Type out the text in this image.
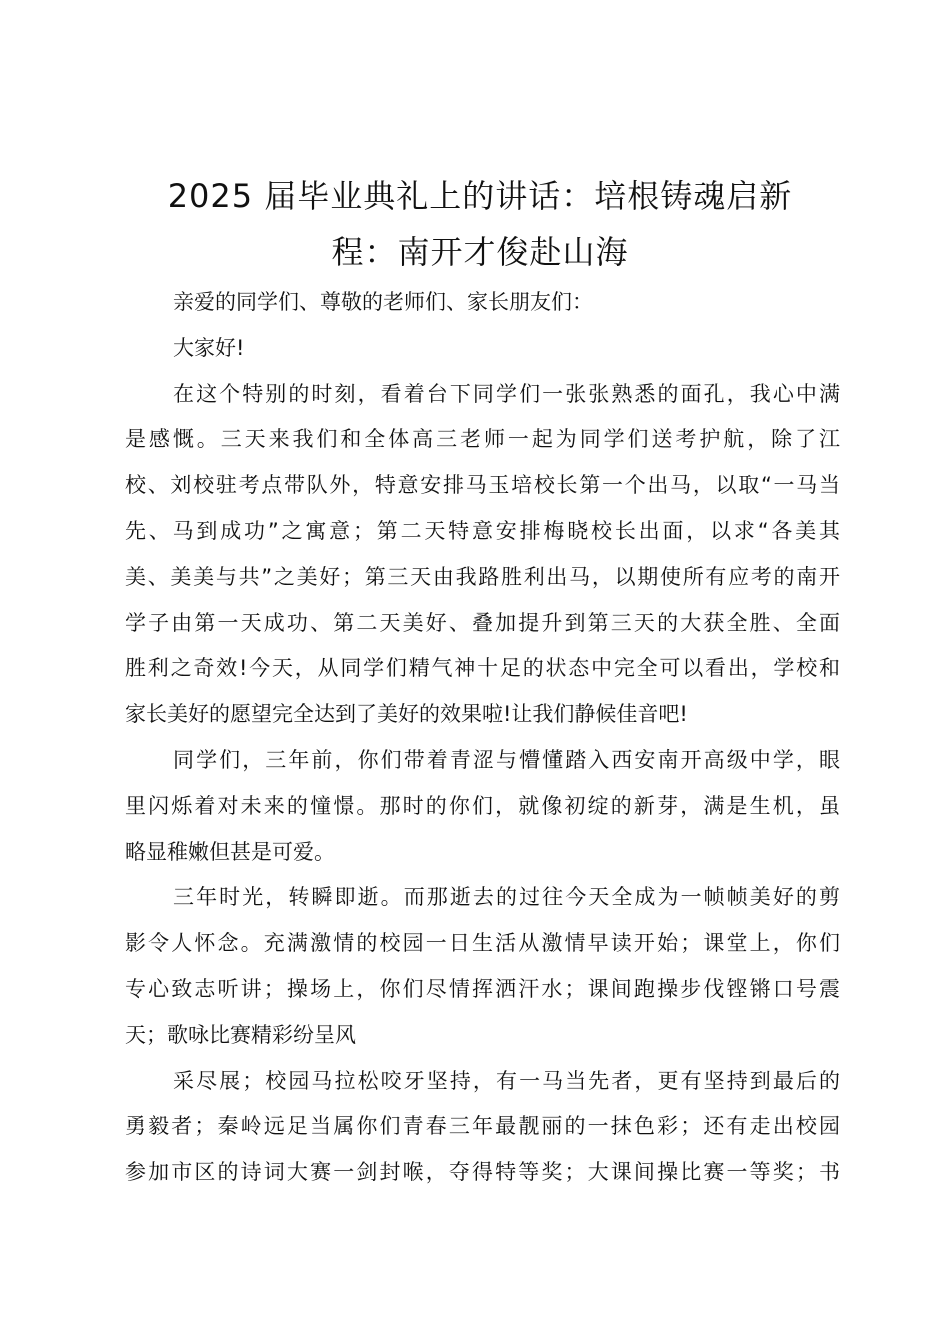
2025 届毕业典礼上的讲话：培根铸魂启新
程：南开才俊赴山海
亲爱的同学们、尊敬的老师们、家长朋友们：
大家好!
在这个特别的时刻，看着台下同学们一张张熟悉的面孔，我心中满
是感慨。三天来我们和全体高三老师一起为同学们送考护航，除了江
校、刘校驻考点带队外，特意安排马玉培校长第一个出马，以取“一马当
先、马到成功”之寓意；第二天特意安排梅晓校长出面，以求“各美其
美、美美与共”之美好；第三天由我路胜利出马，以期使所有应考的南开
学子由第一天成功、第二天美好、叠加提升到第三天的大获全胜、全面
胜利之奇效!今天，从同学们精气神十足的状态中完全可以看出，学校和
家长美好的愿望完全达到了美好的效果啦!让我们静候佳音吧!
同学们，三年前，你们带着青涩与懵懂踏入西安南开高级中学，眼
里闪烁着对未来的憧憬。那时的你们，就像初绽的新芽，满是生机，虽
略显稚嫩但甚是可爱。
三年时光，转瞬即逝。而那逝去的过往今天全成为一帧帧美好的剪
影令人怀念。充满激情的校园一日生活从激情早读开始；课堂上，你们
专心致志听讲；操场上，你们尽情挥洒汗水；课间跑操步伐铿锵口号震
天；歌咏比赛精彩纷呈风
采尽展；校园马拉松咬牙坚持，有一马当先者，更有坚持到最后的
勇毅者；秦岭远足当属你们青春三年最靓丽的一抹色彩；还有走出校园
参加市区的诗词大赛一剑封喉，夺得特等奖；大课间操比赛一等奖；书
